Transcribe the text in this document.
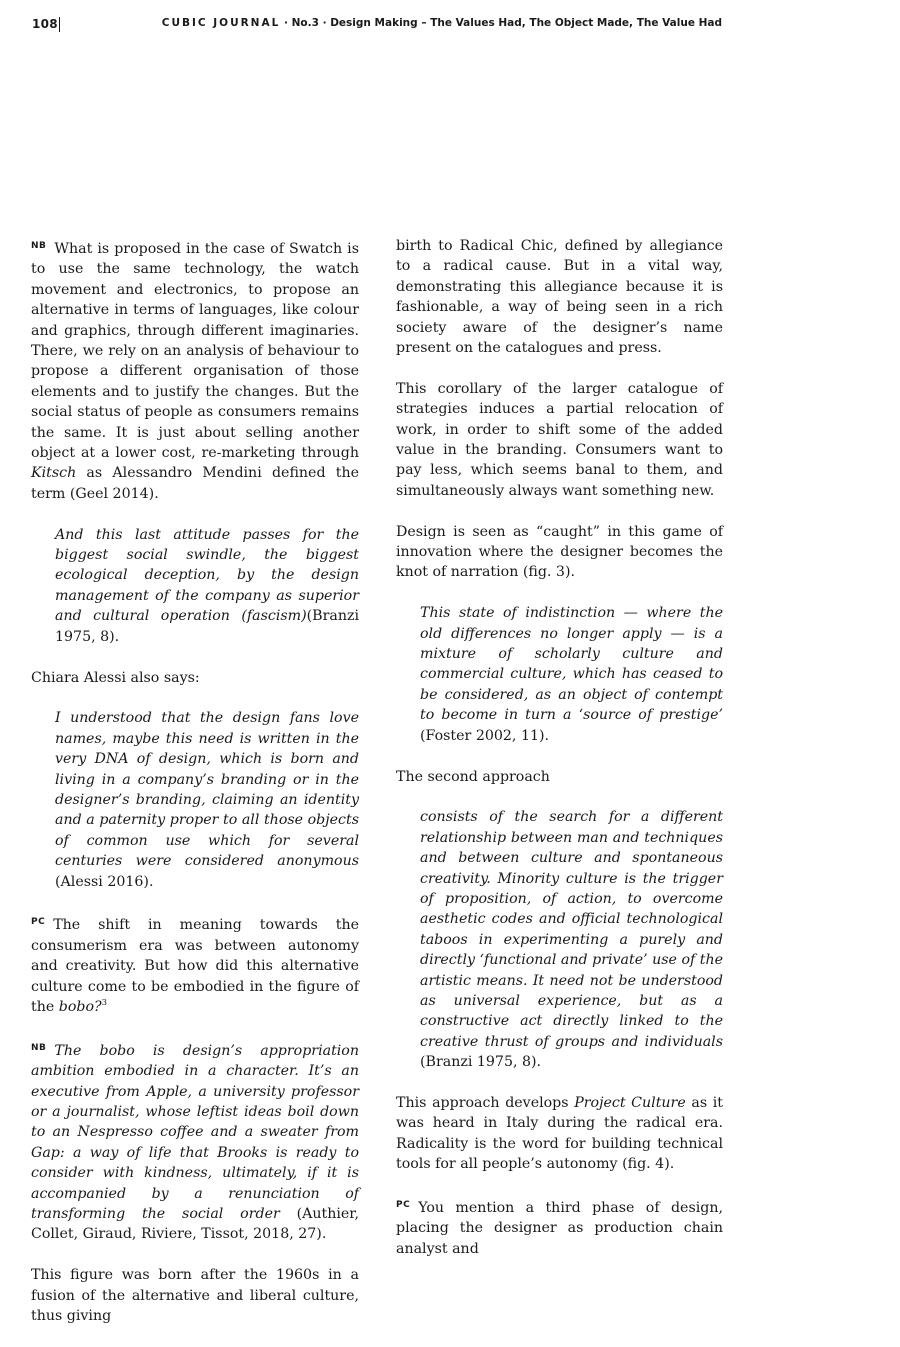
108	CUBIC JOURNAL · No.3 · Design Making – The Values Had, The Object Made, The Value Had

$^{NB}$ What is proposed in the case of Swatch is to use the same technology, the watch movement and electronics, to propose an alternative in terms of languages, like colour and graphics, through different imaginaries. There, we rely on an analysis of behaviour to propose a different organisation of those elements and to justify the changes. But the social status of people as consumers remains the same. It is just about selling another object at a lower cost, re-marketing through Kitsch as Alessandro Mendini defined the term (Geel 2014).

And this last attitude passes for the biggest social swindle, the biggest ecological deception, by the design management of the company as superior and cultural operation (fascism)(Branzi 1975, 8).

Chiara Alessi also says:

I understood that the design fans love names, maybe this need is written in the very DNA of design, which is born and living in a company’s branding or in the designer’s branding, claiming an identity and a paternity proper to all those objects of common use which for several centuries were considered anonymous (Alessi 2016).

$^{PC}$ The shift in meaning towards the consumerism era was between autonomy and creativity. But how did this alternative culture come to be embodied in the figure of the bobo?$^3$

$^{NB}$ The bobo is design’s appropriation ambition embodied in a character. It’s an executive from Apple, a university professor or a journalist, whose leftist ideas boil down to an Nespresso coffee and a sweater from Gap: a way of life that Brooks is ready to consider with kindness, ultimately, if it is accompanied by a renunciation of transforming the social order (Authier, Collet, Giraud, Riviere, Tissot, 2018, 27).

This figure was born after the 1960s in a fusion of the alternative and liberal culture, thus giving

birth to Radical Chic, defined by allegiance to a radical cause. But in a vital way, demonstrating this allegiance because it is fashionable, a way of being seen in a rich society aware of the designer’s name present on the catalogues and press.

This corollary of the larger catalogue of strategies induces a partial relocation of work, in order to shift some of the added value in the branding. Consumers want to pay less, which seems banal to them, and simultaneously always want something new.

Design is seen as “caught” in this game of innovation where the designer becomes the knot of narration (fig. 3).

This state of indistinction — where the old differences no longer apply — is a mixture of scholarly culture and commercial culture, which has ceased to be considered, as an object of contempt to become in turn a ‘source of prestige’ (Foster 2002, 11).

The second approach

consists of the search for a different relationship between man and techniques and between culture and spontaneous creativity. Minority culture is the trigger of proposition, of action, to overcome aesthetic codes and official technological taboos in experimenting a purely and directly ‘functional and private’ use of the artistic means. It need not be understood as universal experience, but as a constructive act directly linked to the creative thrust of groups and individuals (Branzi 1975, 8).

This approach develops Project Culture as it was heard in Italy during the radical era. Radicality is the word for building technical tools for all people’s autonomy (fig. 4).

$^{PC}$ You mention a third phase of design, placing the designer as production chain analyst and
